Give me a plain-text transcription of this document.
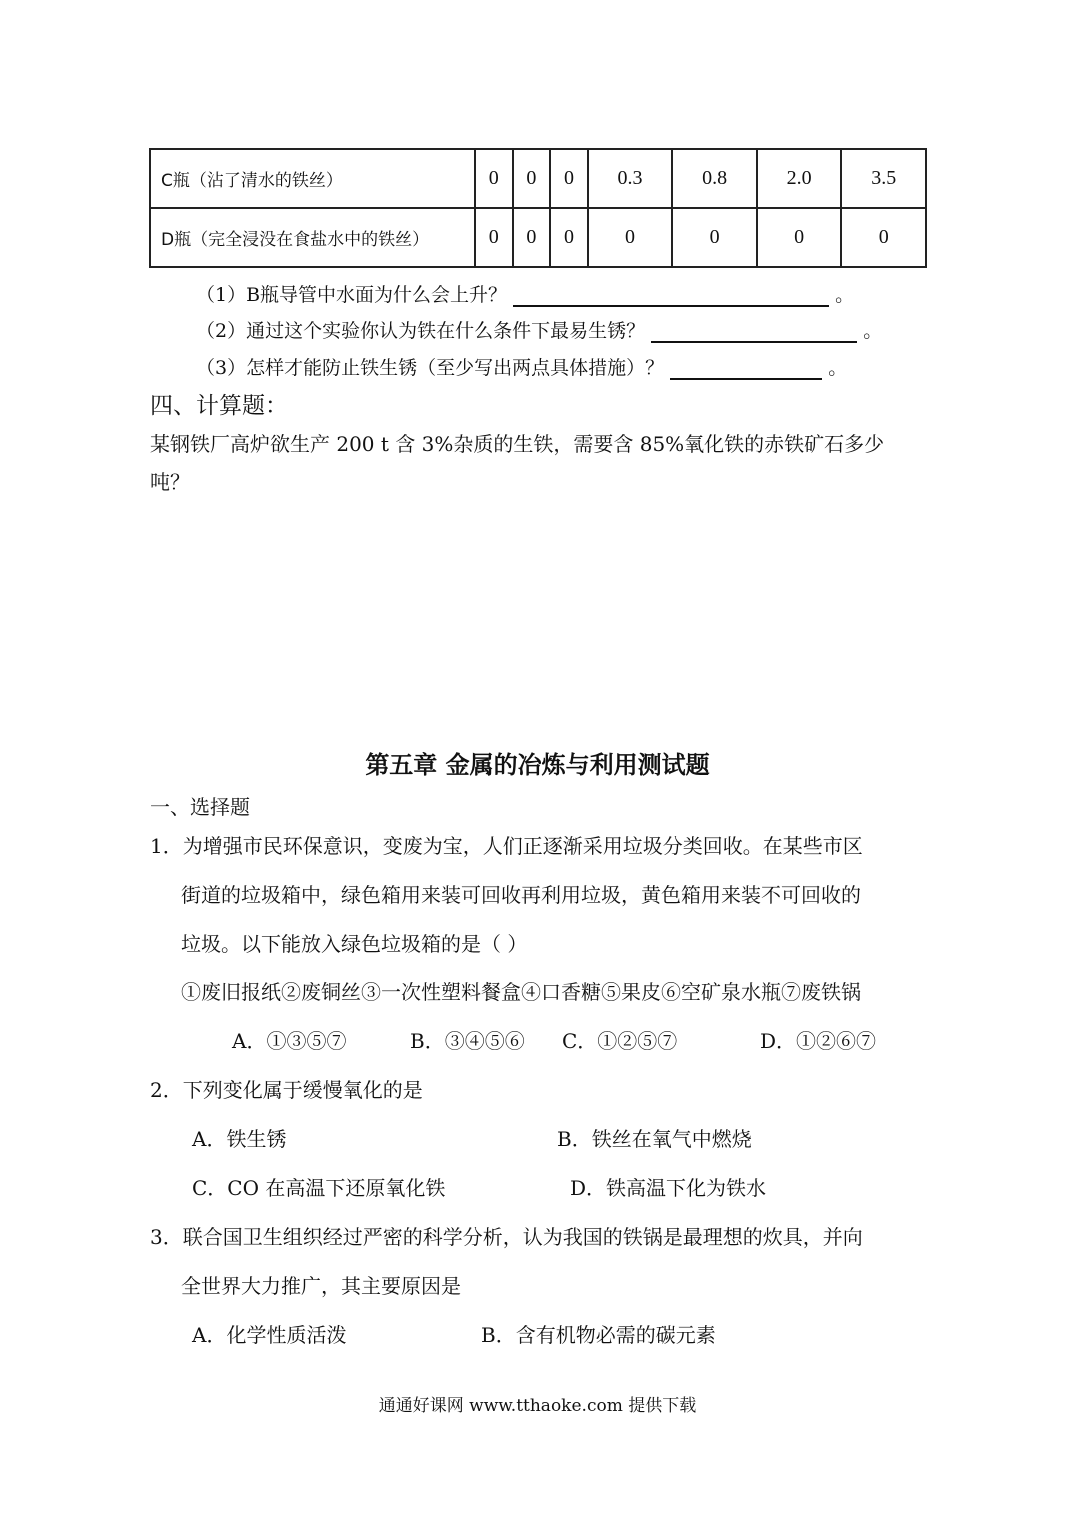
C瓶（沾了清水的铁丝）	0	0	0	0.3	0.8	2.0	3.5
D瓶（完全浸没在食盐水中的铁丝）	0	0	0	0	0	0	0
（1）B瓶导管中水面为什么会上升？	。
（2）通过这个实验你认为铁在什么条件下最易生锈？	。
（3）怎样才能防止铁生锈（至少写出两点具体措施）？	。
四、计算题：
某钢铁厂高炉欲生产 200 t 含 3%杂质的生铁，需要含 85%氧化铁的赤铁矿石多少
吨？
第五章 金属的冶炼与利用测试题
一、选择题
1．为增强市民环保意识，变废为宝，人们正逐渐采用垃圾分类回收。在某些市区
街道的垃圾箱中，绿色箱用来装可回收再利用垃圾，黄色箱用来装不可回收的
垃圾。以下能放入绿色垃圾箱的是（ ）
①废旧报纸②废铜丝③一次性塑料餐盒④口香糖⑤果皮⑥空矿泉水瓶⑦废铁锅
A．①③⑤⑦	B．③④⑤⑥ C．①②⑤⑦	D．①②⑥⑦
2．下列变化属于缓慢氧化的是
A．铁生锈	B．铁丝在氧气中燃烧
C．CO 在高温下还原氧化铁	D．铁高温下化为铁水
3．联合国卫生组织经过严密的科学分析，认为我国的铁锅是最理想的炊具，并向
全世界大力推广，其主要原因是
A．化学性质活泼	B．含有机物必需的碳元素
通通好课网 www.tthaoke.com 提供下载
